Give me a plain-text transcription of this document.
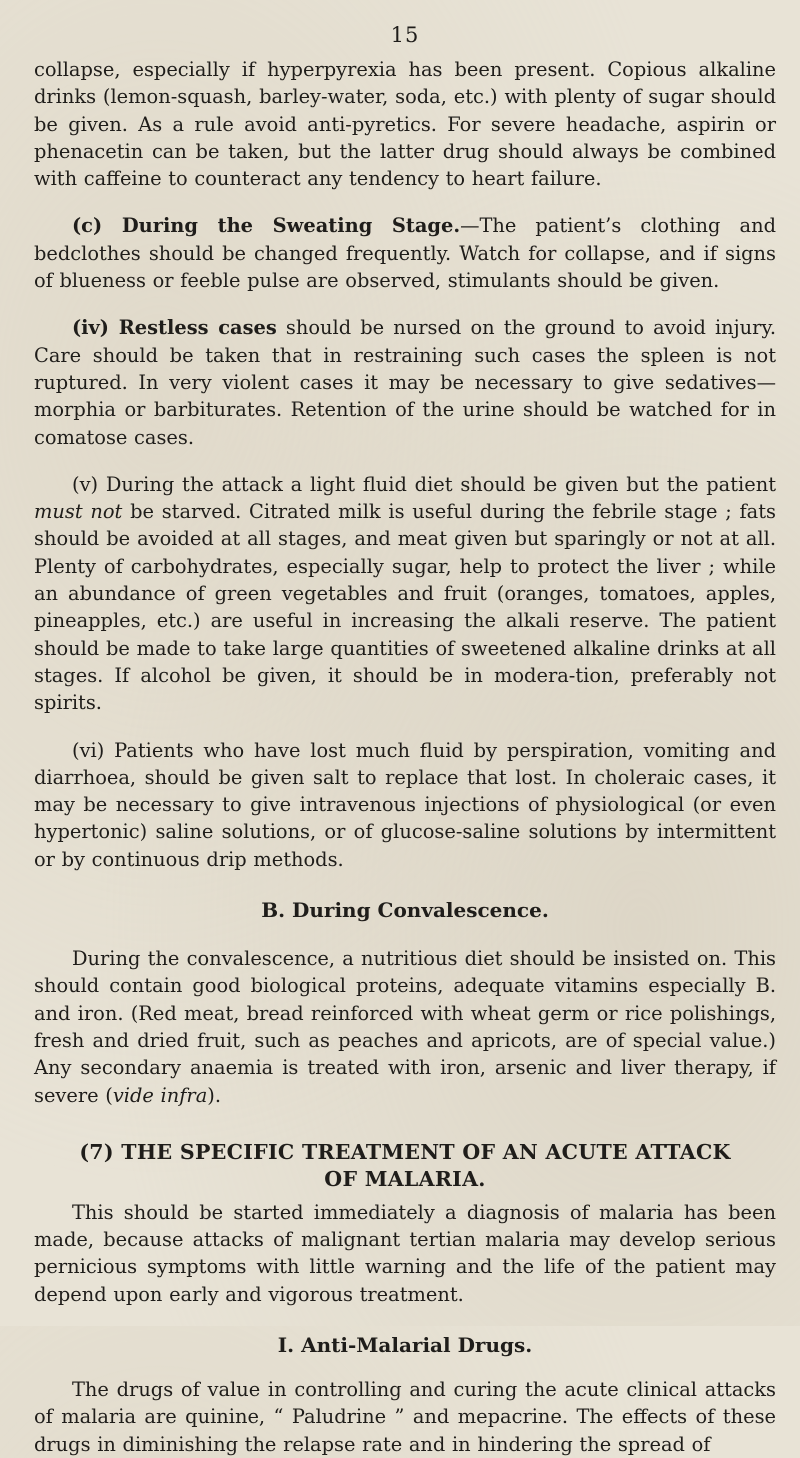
15

collapse, especially if hyperpyrexia has been present. Copious alkaline drinks (lemon-squash, barley-water, soda, etc.) with plenty of sugar should be given. As a rule avoid anti-pyretics. For severe headache, aspirin or phenacetin can be taken, but the latter drug should always be combined with caffeine to counteract any tendency to heart failure.

(c) During the Sweating Stage.—The patient’s clothing and bedclothes should be changed frequently. Watch for collapse, and if signs of blueness or feeble pulse are observed, stimulants should be given.

(iv) Restless cases should be nursed on the ground to avoid injury. Care should be taken that in restraining such cases the spleen is not ruptured. In very violent cases it may be necessary to give sedatives—morphia or barbiturates. Retention of the urine should be watched for in comatose cases.

(v) During the attack a light fluid diet should be given but the patient must not be starved. Citrated milk is useful during the febrile stage ; fats should be avoided at all stages, and meat given but sparingly or not at all. Plenty of carbohydrates, especially sugar, help to protect the liver ; while an abundance of green vegetables and fruit (oranges, tomatoes, apples, pineapples, etc.) are useful in increasing the alkali reserve. The patient should be made to take large quantities of sweetened alkaline drinks at all stages. If alcohol be given, it should be in modera-tion, preferably not spirits.

(vi) Patients who have lost much fluid by perspiration, vomiting and diarrhoea, should be given salt to replace that lost. In choleraic cases, it may be necessary to give intravenous injections of physiological (or even hypertonic) saline solutions, or of glucose-saline solutions by intermittent or by continuous drip methods.

B. During Convalescence.

During the convalescence, a nutritious diet should be insisted on. This should contain good biological proteins, adequate vitamins especially B. and iron. (Red meat, bread reinforced with wheat germ or rice polishings, fresh and dried fruit, such as peaches and apricots, are of special value.) Any secondary anaemia is treated with iron, arsenic and liver therapy, if severe (vide infra).

(7) THE SPECIFIC TREATMENT OF AN ACUTE ATTACK
OF MALARIA.

This should be started immediately a diagnosis of malaria has been made, because attacks of malignant tertian malaria may develop serious pernicious symptoms with little warning and the life of the patient may depend upon early and vigorous treatment.

I. Anti-Malarial Drugs.

The drugs of value in controlling and curing the acute clinical attacks of malaria are quinine, “ Paludrine ” and mepacrine. The effects of these drugs in diminishing the relapse rate and in hindering the spread of
